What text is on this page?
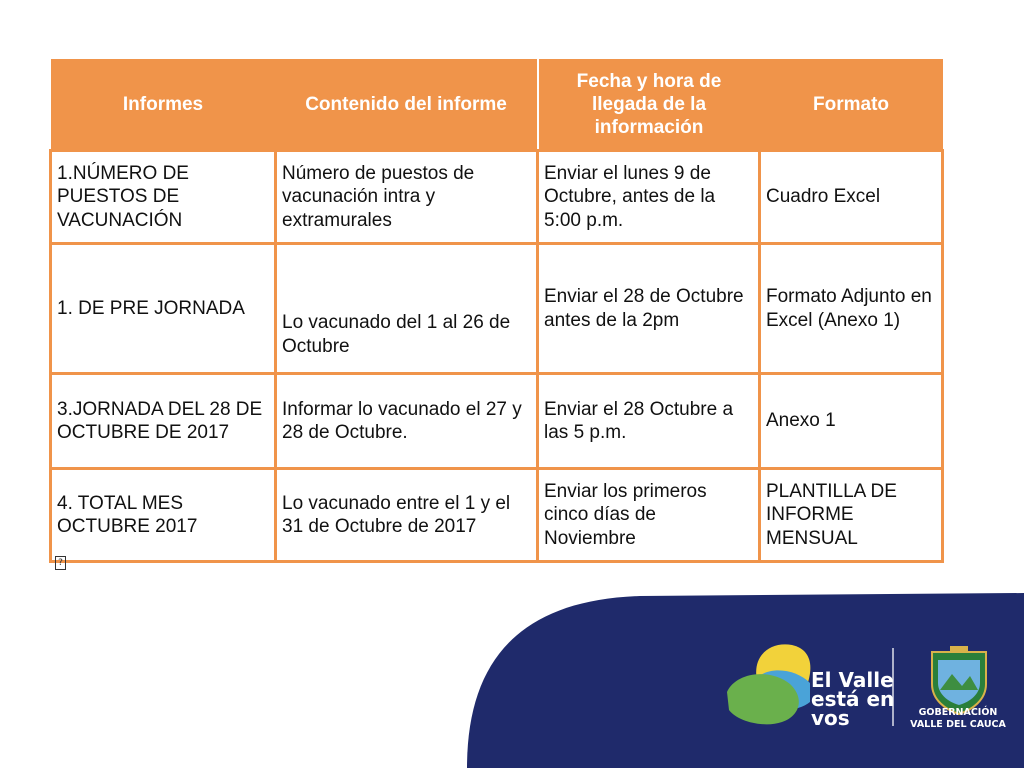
Informes	Contenido del informe	Fecha y hora de llegada de la información	Formato
1.NÚMERO DE PUESTOS DE VACUNACIÓN	Número de puestos de vacunación intra y extramurales	Enviar el lunes 9 de Octubre, antes de la 5:00 p.m.	Cuadro Excel
1. DE PRE JORNADA	Lo vacunado del 1 al 26 de Octubre	Enviar el 28 de Octubre antes de la 2pm	Formato Adjunto en Excel (Anexo 1)
3.JORNADA DEL 28 DE OCTUBRE DE 2017	Informar lo vacunado el 27 y 28 de Octubre.	Enviar el 28 Octubre a las 5 p.m.	Anexo 1
4. TOTAL MES OCTUBRE 2017	Lo vacunado entre el 1 y el 31 de Octubre de 2017	Enviar los primeros cinco días de Noviembre	PLANTILLA DE INFORME MENSUAL
?
El Valle
está en
vos	GOBERNACIÓN
VALLE DEL CAUCA
